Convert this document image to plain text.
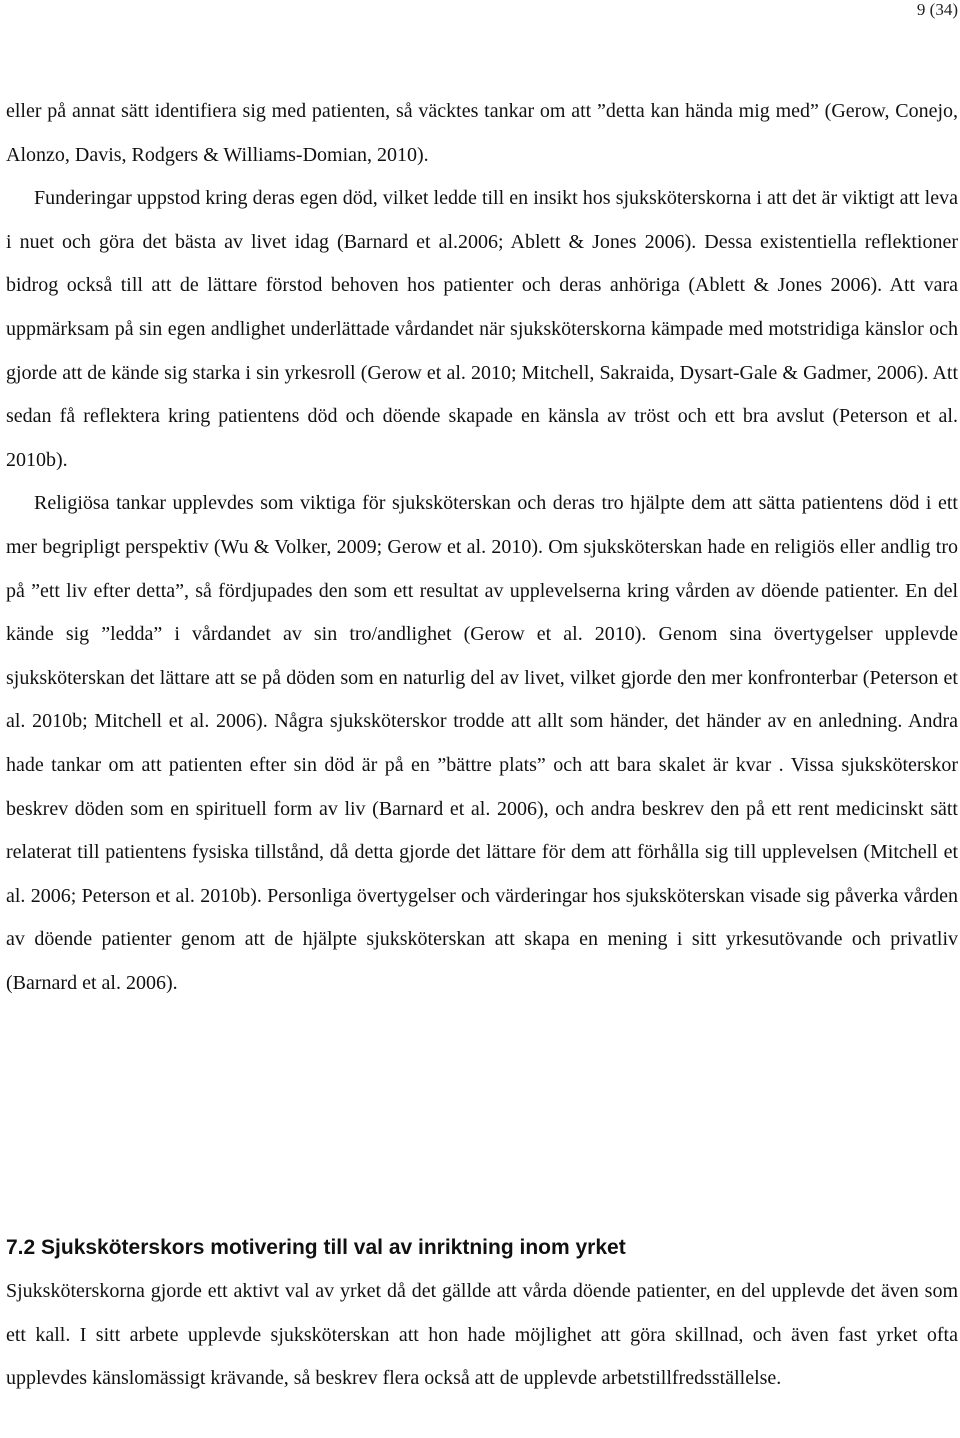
9 (34)

eller på annat sätt identifiera sig med patienten, så väcktes tankar om att ”detta kan hända mig med” (Gerow, Conejo, Alonzo, Davis, Rodgers & Williams-Domian, 2010).

Funderingar uppstod kring deras egen död, vilket ledde till en insikt hos sjuksköterskorna i att det är viktigt att leva i nuet och göra det bästa av livet idag (Barnard et al.2006; Ablett & Jones 2006). Dessa existentiella reflektioner bidrog också till att de lättare förstod behoven hos patienter och deras anhöriga (Ablett & Jones 2006). Att vara uppmärksam på sin egen andlighet underlättade vårdandet när sjuksköterskorna kämpade med motstridiga känslor och gjorde att de kände sig starka i sin yrkesroll (Gerow et al. 2010; Mitchell, Sakraida, Dysart-Gale & Gadmer, 2006). Att sedan få reflektera kring patientens död och döende skapade en känsla av tröst och ett bra avslut (Peterson et al. 2010b).

Religiösa tankar upplevdes som viktiga för sjuksköterskan och deras tro hjälpte dem att sätta patientens död i ett mer begripligt perspektiv (Wu & Volker, 2009; Gerow et al. 2010). Om sjuksköterskan hade en religiös eller andlig tro på ”ett liv efter detta”, så fördjupades den som ett resultat av upplevelserna kring vården av döende patienter. En del kände sig ”ledda” i vårdandet av sin tro/andlighet (Gerow et al. 2010). Genom sina övertygelser upplevde sjuksköterskan det lättare att se på döden som en naturlig del av livet, vilket gjorde den mer konfronterbar (Peterson et al. 2010b; Mitchell et al. 2006). Några sjuksköterskor trodde att allt som händer, det händer av en anledning. Andra hade tankar om att patienten efter sin död är på en ”bättre plats” och att bara skalet är kvar . Vissa sjuksköterskor beskrev döden som en spirituell form av liv (Barnard et al. 2006), och andra beskrev den på ett rent medicinskt sätt relaterat till patientens fysiska tillstånd, då detta gjorde det lättare för dem att förhålla sig till upplevelsen (Mitchell et al. 2006; Peterson et al. 2010b). Personliga övertygelser och värderingar hos sjuksköterskan visade sig påverka vården av döende patienter genom att de hjälpte sjuksköterskan att skapa en mening i sitt yrkesutövande och privatliv (Barnard et al. 2006).

7.2 Sjuksköterskors motivering till val av inriktning inom yrket

Sjuksköterskorna gjorde ett aktivt val av yrket då det gällde att vårda döende patienter, en del upplevde det även som ett kall. I sitt arbete upplevde sjuksköterskan att hon hade möjlighet att göra skillnad, och även fast yrket ofta upplevdes känslomässigt krävande, så beskrev flera också att de upplevde arbetstillfredsställelse.
